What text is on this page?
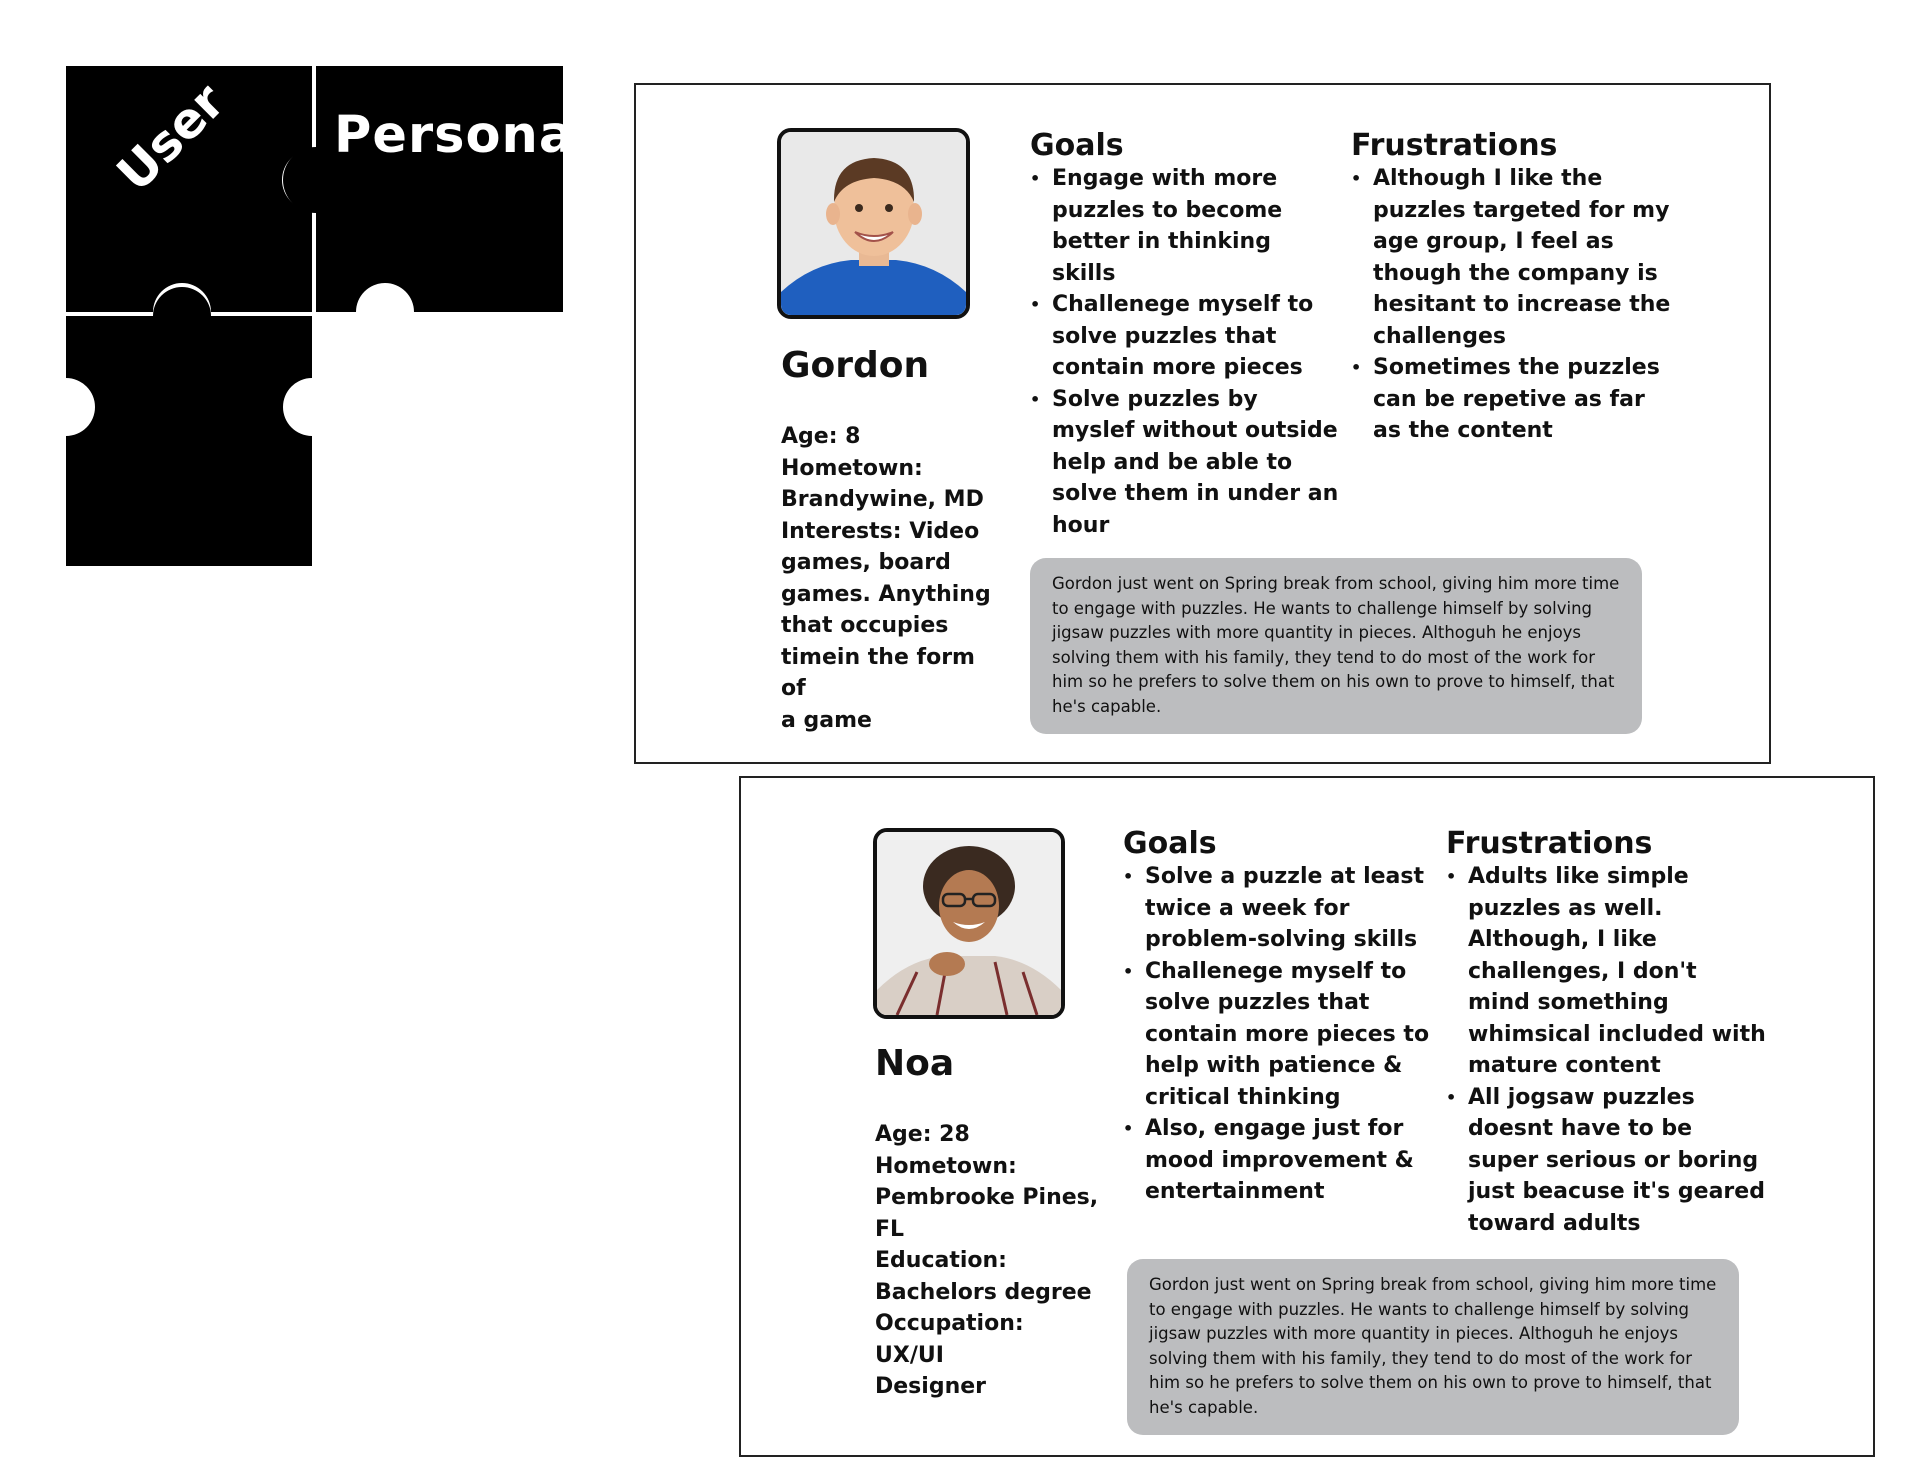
Personas
User
Gordon
Age: 8
Hometown:
Brandywine, MD
Interests: Video
games, board
games. Anything
that occupies
timein the form of
a game
Goals
• Engage with more puzzles to become better in thinking skills
• Challenege myself to solve puzzles that contain more pieces
• Solve puzzles by myslef without outside help and be able to solve them in under an hour
Frustrations
• Although I like the puzzles targeted for my age group, I feel as though the company is hesitant to increase the challenges
• Sometimes the puzzles can be repetive as far as the content
Gordon just went on Spring break from school, giving him more time to engage with puzzles. He wants to challenge himself by solving jigsaw puzzles with more quantity in pieces. Althoguh he enjoys solving them with his family, they tend to do most of the work for him so he prefers to solve them on his own to prove to himself, that he's capable.
Noa
Age: 28
Hometown:
Pembrooke Pines,
FL
Education:
Bachelors degree
Occupation: UX/UI
Designer
Goals
• Solve a puzzle at least twice a week for problem-solving skills
• Challenege myself to solve puzzles that contain more pieces to help with patience & critical thinking
• Also, engage just for mood improvement & entertainment
Frustrations
• Adults like simple puzzles as well. Although, I like challenges, I don't mind something whimsical included with mature content
• All jogsaw puzzles doesnt have to be super serious or boring just beacuse it's geared toward adults
Gordon just went on Spring break from school, giving him more time to engage with puzzles. He wants to challenge himself by solving jigsaw puzzles with more quantity in pieces. Althoguh he enjoys solving them with his family, they tend to do most of the work for him so he prefers to solve them on his own to prove to himself, that he's capable.
